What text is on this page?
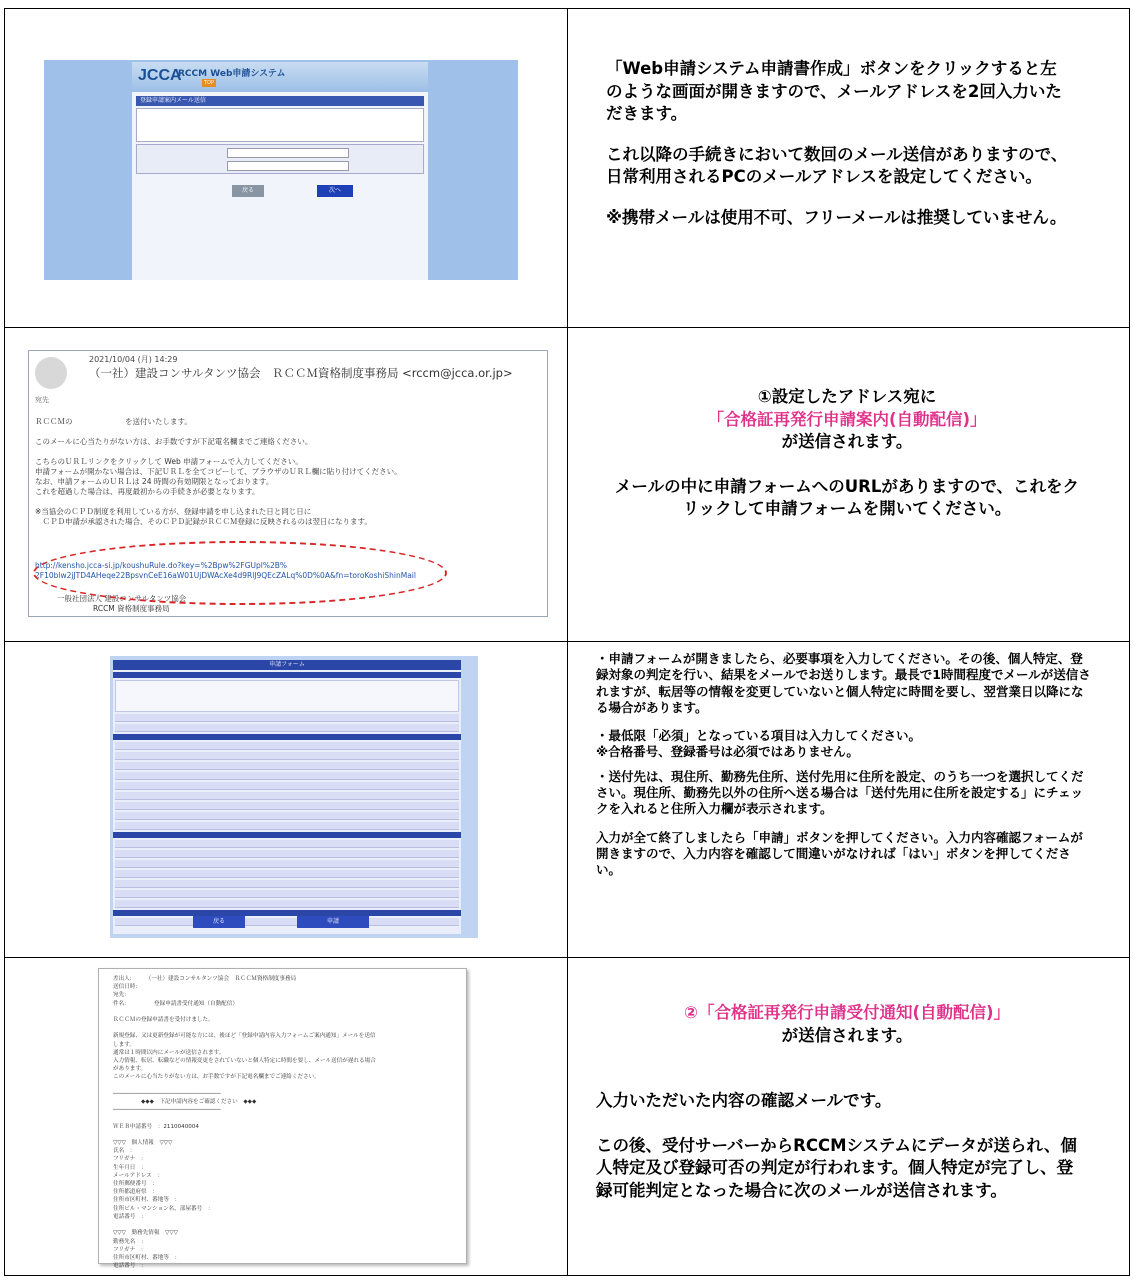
JCCA
RCCM Web申請システム
TOP
登録申請案内メール送信
戻る	次へ

「Web申請システム申請書作成」ボタンをクリックすると左のような画面が開きますので、メールアドレスを2回入力いただきます。

これ以降の手続きにおいて数回のメール送信がありますので、日常利用されるPCのメールアドレスを設定してください。

※携帯メールは使用不可、フリーメールは推奨していません。

2021/10/04 (月) 14:29
（一社）建設コンサルタンツ協会　ＲＣＣＭ資格制度事務局 <rccm@jcca.or.jp>
宛先
ＲＣＣＭの　　　　　　　を送付いたします。

このメールに心当たりがない方は、お手数ですが下記電名欄までご連絡ください。

こちらのＵＲＬリンクをクリックして Web 申請フォームで入力してください。
申請フォームが開かない場合は、下記ＵＲＬを全てコピーして、ブラウザのＵＲＬ欄に貼り付けてください。
なお、申請フォームのＵＲＬは 24 時間の有効期限となっております。
これを超過した場合は、再度最初からの手続きが必要となります。

※当協会のＣＰＤ制度を利用している方が、登録申請を申し込まれた日と同じ日に
　ＣＰＤ申請が承認された場合、そのＣＰＤ記録がＲＣＣＭ登録に反映されるのは翌日になります。
http://kensho.jcca-si.jp/koushuRule.do?key=%2Bpw%2FGUpl%2B%
2F10blw2jJTD4AHeqe22BpsvnCeE16aW01UjDWAcXe4d9RlJ9QEcZALq%0D%0A&fn=toroKoshiShinMail
一般社団法人 建設コンサルタンツ協会
RCCM 資格制度事務局
①設定したアドレス宛に
「合格証再発行申請案内(自動配信)」
が送信されます。
メールの中に申請フォームへのURLがありますので、これをクリックして申請フォームを開いてください。
申請フォーム
戻る	申請

・申請フォームが開きましたら、必要事項を入力してください。その後、個人特定、登録対象の判定を行い、結果をメールでお送りします。最長で1時間程度でメールが送信されますが、転居等の情報を変更していないと個人特定に時間を要し、翌営業日以降になる場合があります。

・最低限「必須」となっている項目は入力してください。

※合格番号、登録番号は必須ではありません。

・送付先は、現住所、勤務先住所、送付先用に住所を設定、のうち一つを選択してください。現住所、勤務先以外の住所へ送る場合は「送付先用に住所を設定する」にチェックを入れると住所入力欄が表示されます。

入力が全て終了しましたら「申請」ボタンを押してください。入力内容確認フォームが開きますので、入力内容を確認して間違いがなければ「はい」ボタンを押してください。

差出人:　　　（一社）建設コンサルタンツ協会　ＲＣＣＭ資格制度事務局
送信日時:
宛先:
件名:　　　　　登録申請書受付通知（自動配信）

ＲＣＣＭの登録申請書を受付けました。

新規登録、又は更新登録が可能な方には、後ほど「登録申請内容入力フォームご案内通知」メールを送信
します。
通常は１時間以内にメールが送信されます。
入力情報、転居、転職などの情報変更をされていないと個人特定に時間を要し、メール送信が遅れる場合
があります。
このメールに心当たりがない方は、お手数ですが下記電名欄までご連絡ください。

────────────────────────────────
　　　　　◆◆◆　下記申請内容をご確認ください　◆◆◆
────────────────────────────────

ＷＥＢ申請番号　：2110040004

▽▽▽　個人情報　▽▽▽
氏名　：
フリガナ　：
生年月日　：
メールアドレス　：
住所郵便番号　：
住所都道府県　：
住所市区町村、番地等　：
住所ビル・マンション名、部屋番号　：
電話番号　：

▽▽▽　勤務先情報　▽▽▽
勤務先名　：
フリガナ　：
住所市区町村、番地等　：
電話番号　：
②「合格証再発行申請受付通知(自動配信)」
が送信されます。

入力いただいた内容の確認メールです。

この後、受付サーバーからRCCMシステムにデータが送られ、個人特定及び登録可否の判定が行われます。個人特定が完了し、登録可能判定となった場合に次のメールが送信されます。
